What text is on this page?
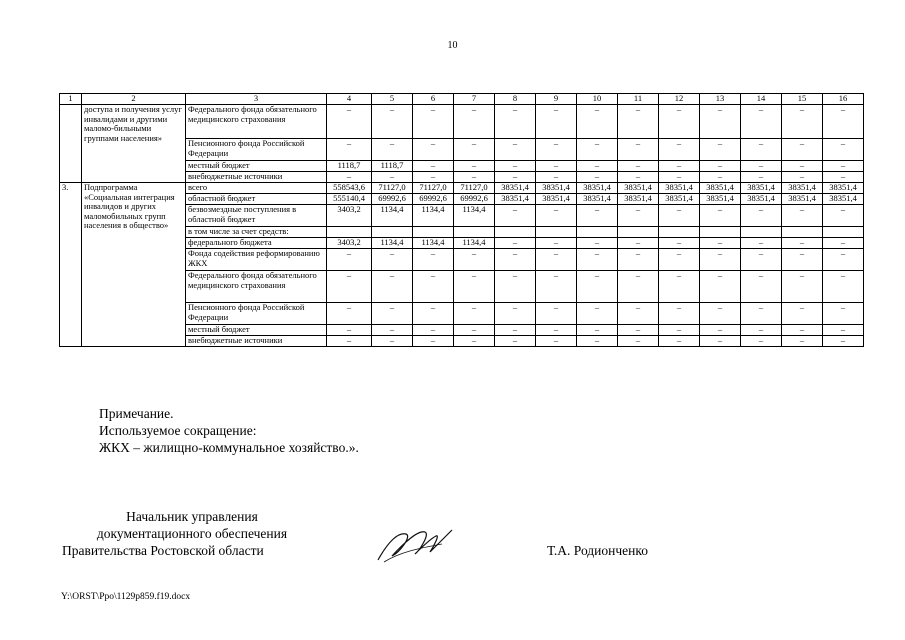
10
1	2	3	4	5	6	7	8	9	10	11	12	13	14	15	16
	доступа и получения услуг инвалидами и другими маломо-бильными группами населения»	Федерального фонда обязательного медицинского страхования	–	–	–	–	–	–	–	–	–	–	–	–	–
		Пенсионного фонда Российской Федерации	–	–	–	–	–	–	–	–	–	–	–	–	–
		местный бюджет	1118,7	1118,7	–	–	–	–	–	–	–	–	–	–	–
		внебюджетные источники	–	–	–	–	–	–	–	–	–	–	–	–	–
3.	Подпрограмма «Социальная интеграция инвалидов и других маломобильных групп населения в общество»	всего	558543,6	71127,0	71127,0	71127,0	38351,4	38351,4	38351,4	38351,4	38351,4	38351,4	38351,4	38351,4	38351,4
		областной бюджет	555140,4	69992,6	69992,6	69992,6	38351,4	38351,4	38351,4	38351,4	38351,4	38351,4	38351,4	38351,4	38351,4
		безвозмездные поступления в областной бюджет	3403,2	1134,4	1134,4	1134,4	–	–	–	–	–	–	–	–	–
		в том числе за счет средств:													
		федерального бюджета	3403,2	1134,4	1134,4	1134,4	–	–	–	–	–	–	–	–	–
		Фонда содействия реформированию ЖКХ	–	–	–	–	–	–	–	–	–	–	–	–	–
		Федерального фонда обязательного медицинского страхования	–	–	–	–	–	–	–	–	–	–	–	–	–
		Пенсионного фонда Российской Федерации	–	–	–	–	–	–	–	–	–	–	–	–	–
		местный бюджет	–	–	–	–	–	–	–	–	–	–	–	–	–
		внебюджетные источники	–	–	–	–	–	–	–	–	–	–	–	–	–
Примечание.
Используемое сокращение:
ЖКХ – жилищно-коммунальное хозяйство.».
Начальник управления
документационного обеспечения
Правительства Ростовской области	Т.А. Родионченко
Y:\ORST\Ppo\1129p859.f19.docx
